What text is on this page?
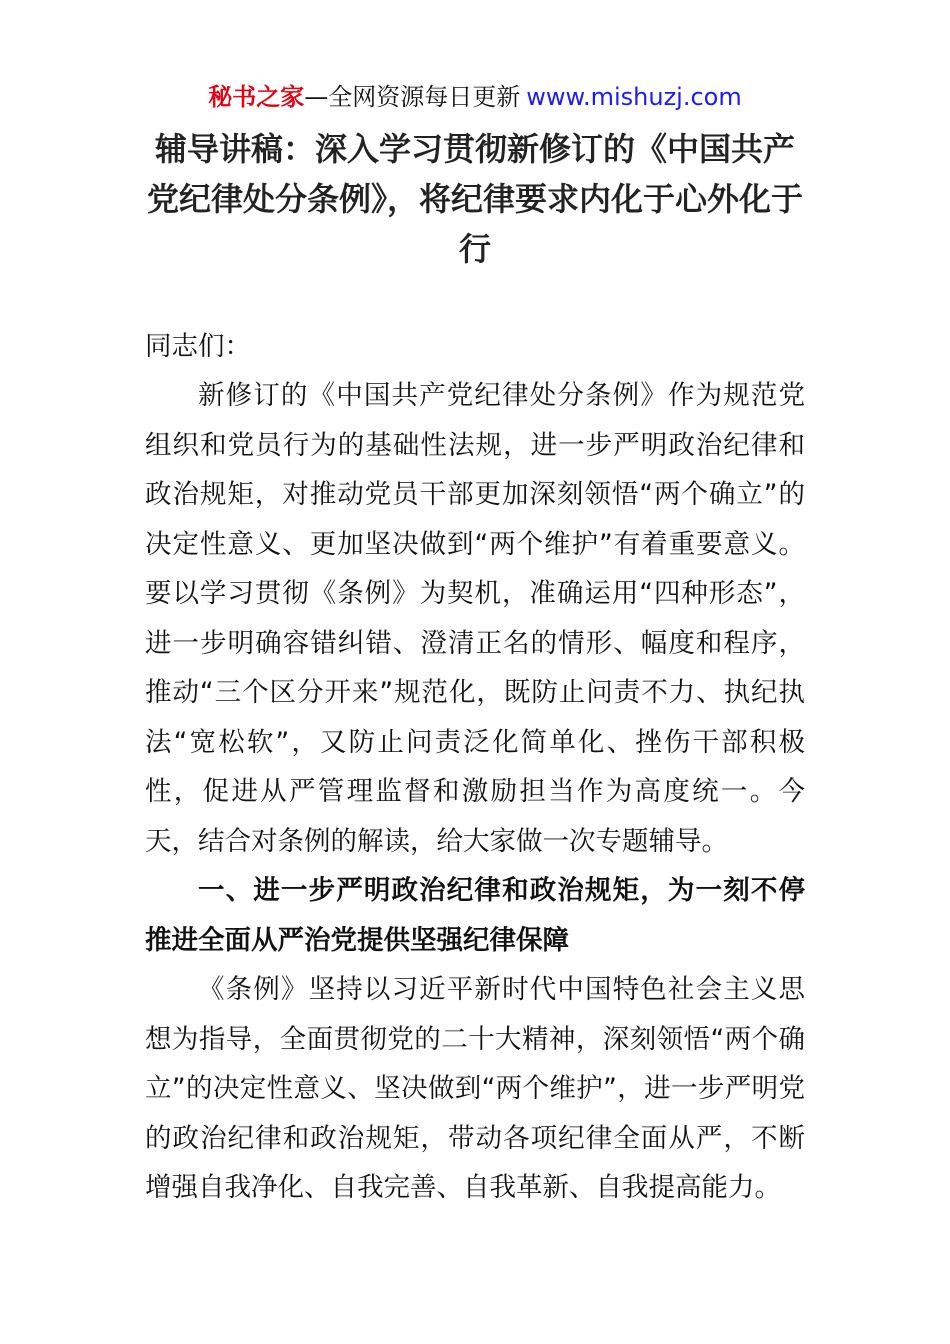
秘书之家—全网资源每日更新 www.mishuzj.com
辅导讲稿：深入学习贯彻新修订的《中国共产党纪律处分条例》，将纪律要求内化于心外化于行
同志们：
新修订的《中国共产党纪律处分条例》作为规范党组织和党员行为的基础性法规，进一步严明政治纪律和政治规矩，对推动党员干部更加深刻领悟“两个确立”的决定性意义、更加坚决做到“两个维护”有着重要意义。要以学习贯彻《条例》为契机，准确运用“四种形态”，进一步明确容错纠错、澄清正名的情形、幅度和程序，推动“三个区分开来”规范化，既防止问责不力、执纪执法“宽松软”，又防止问责泛化简单化、挫伤干部积极性，促进从严管理监督和激励担当作为高度统一。今天，结合对条例的解读，给大家做一次专题辅导。
一、进一步严明政治纪律和政治规矩，为一刻不停推进全面从严治党提供坚强纪律保障
《条例》坚持以习近平新时代中国特色社会主义思想为指导，全面贯彻党的二十大精神，深刻领悟“两个确立”的决定性意义、坚决做到“两个维护”，进一步严明党的政治纪律和政治规矩，带动各项纪律全面从严，不断增强自我净化、自我完善、自我革新、自我提高能力。
